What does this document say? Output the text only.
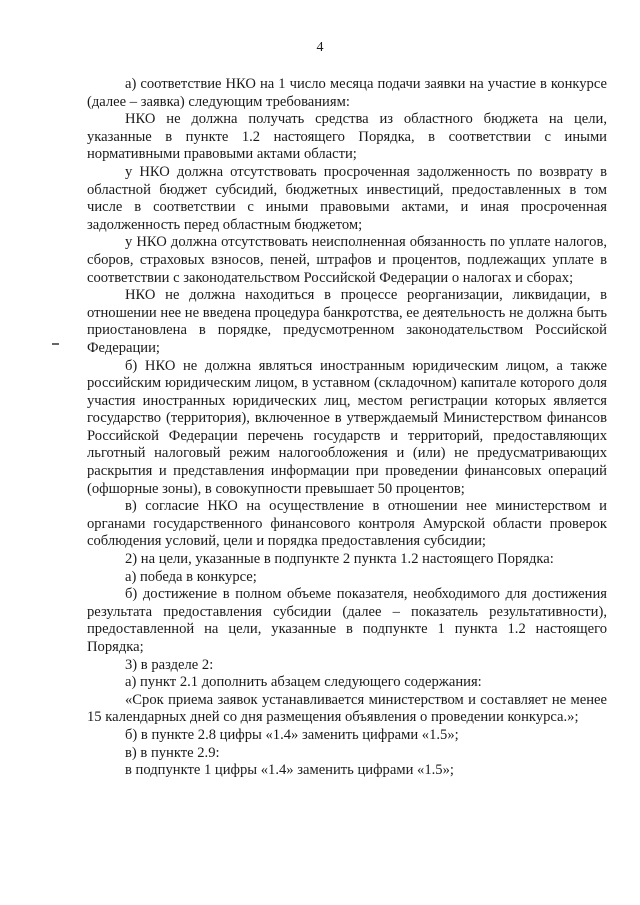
4

а) соответствие НКО на 1 число месяца подачи заявки на участие в конкурсе (далее – заявка) следующим требованиям:

НКО не должна получать средства из областного бюджета на цели, указанные в пункте 1.2 настоящего Порядка, в соответствии с иными нормативными правовыми актами области;

у НКО должна отсутствовать просроченная задолженность по возврату в областной бюджет субсидий, бюджетных инвестиций, предоставленных в том числе в соответствии с иными правовыми актами, и иная просроченная задолженность перед областным бюджетом;

у НКО должна отсутствовать неисполненная обязанность по уплате налогов, сборов, страховых взносов, пеней, штрафов и процентов, подлежащих уплате в соответствии с законодательством Российской Федерации о налогах и сборах;

НКО не должна находиться в процессе реорганизации, ликвидации, в отношении нее не введена процедура банкротства, ее деятельность не должна быть приостановлена в порядке, предусмотренном законодательством Российской Федерации;

б) НКО не должна являться иностранным юридическим лицом, а также российским юридическим лицом, в уставном (складочном) капитале которого доля участия иностранных юридических лиц, местом регистрации которых является государство (территория), включенное в утверждаемый Министерством финансов Российской Федерации перечень государств и территорий, предоставляющих льготный налоговый режим налогообложения и (или) не предусматривающих раскрытия и представления информации при проведении финансовых операций (офшорные зоны), в совокупности превышает 50 процентов;

в) согласие НКО на осуществление в отношении нее министерством и органами государственного финансового контроля Амурской области проверок соблюдения условий, цели и порядка предоставления субсидии;

2) на цели, указанные в подпункте 2 пункта 1.2 настоящего Порядка:

а) победа в конкурсе;

б) достижение в полном объеме показателя, необходимого для достижения результата предоставления субсидии (далее – показатель результативности), предоставленной на цели, указанные в подпункте 1 пункта 1.2 настоящего Порядка;

3) в разделе 2:

а) пункт 2.1 дополнить абзацем следующего содержания:

«Срок приема заявок устанавливается министерством и составляет не менее 15 календарных дней со дня размещения объявления о проведении конкурса.»;

б) в пункте 2.8 цифры «1.4» заменить цифрами «1.5»;

в) в пункте 2.9:

в подпункте 1 цифры «1.4» заменить цифрами «1.5»;
